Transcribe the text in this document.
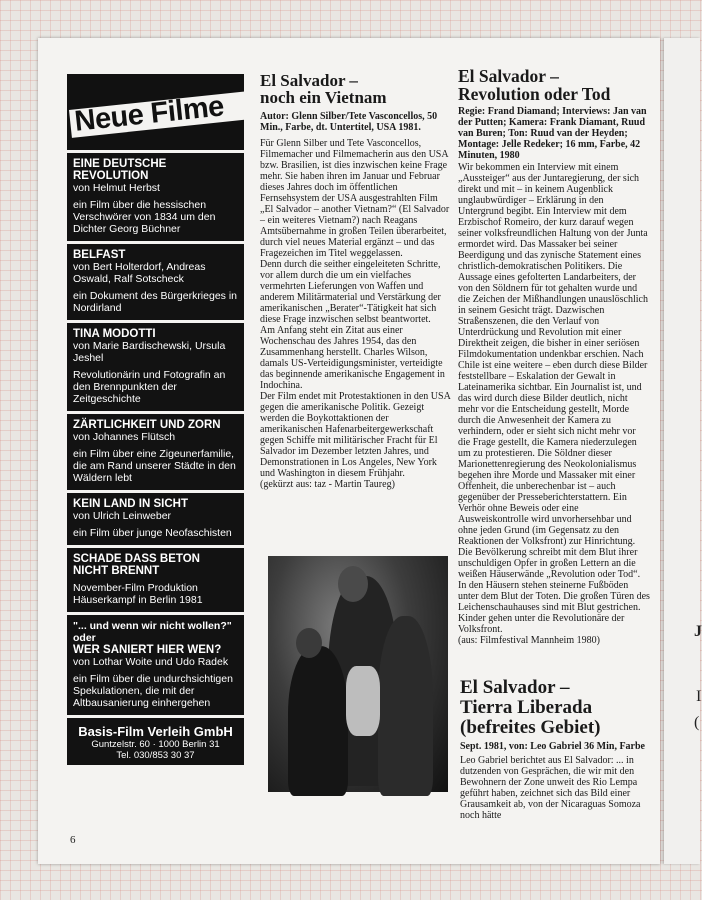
J
I
(
Neue Filme
EINE DEUTSCHE REVOLUTION
von Helmut Herbst
ein Film über die hessischen Verschwörer von 1834 um den Dichter Georg Büchner
BELFAST
von Bert Holterdorf, Andreas Oswald, Ralf Sotscheck
ein Dokument des Bürgerkrieges in Nordirland
TINA MODOTTI
von Marie Bardischewski, Ursula Jeshel
Revolutionärin und Fotografin an den Brennpunkten der Zeitgeschichte
ZÄRTLICHKEIT UND ZORN
von Johannes Flütsch
ein Film über eine Zigeunerfamilie, die am Rand unserer Städte in den Wäldern lebt
KEIN LAND IN SICHT
von Ulrich Leinweber
ein Film über junge Neofaschisten
SCHADE DASS BETON NICHT BRENNT
November-Film Produktion Häuserkampf in Berlin 1981
"... und wenn wir nicht wollen?" oder
WER SANIERT HIER WEN?
von Lothar Woite und Udo Radek
ein Film über die undurchsichtigen Spekulationen, die mit der Altbausanierung einhergehen
Basis-Film Verleih GmbH
Guntzelstr. 60 · 1000 Berlin 31
Tel. 030/853 30 37
6
El Salvador –
noch ein Vietnam
Autor: Glenn Silber/Tete Vasconcellos, 50 Min., Farbe, dt. Untertitel, USA 1981.

Für Glenn Silber und Tete Vasconcellos, Filmemacher und Filmemacherin aus den USA bzw. Brasilien, ist dies inzwischen keine Frage mehr. Sie haben ihren im Januar und Februar dieses Jahres doch im öffentlichen Fernsehsystem der USA ausgestrahlten Film „El Salvador – another Vietnam?“ (El Salvador – ein weiteres Vietnam?) nach Reagans Amtsübernahme in großen Teilen überarbeitet, durch viel neues Material ergänzt – und das Fragezeichen im Titel weggelassen.

Denn durch die seither eingeleiteten Schritte, vor allem durch die um ein vielfaches vermehrten Lieferungen von Waffen und anderem Militärmaterial und Verstärkung der amerikanischen „Berater“-Tätigkeit hat sich diese Frage inzwischen selbst beantwortet.

Am Anfang steht ein Zitat aus einer Wochenschau des Jahres 1954, das den Zusammenhang herstellt. Charles Wilson, damals US-Verteidigungsminister, verteidigte das beginnende amerikanische Engagement in Indochina.

Der Film endet mit Protestaktionen in den USA gegen die amerikanische Politik. Gezeigt werden die Boykottaktionen der amerikanischen Hafenarbeitergewerkschaft gegen Schiffe mit militärischer Fracht für El Salvador im Dezember letzten Jahres, und Demonstrationen in Los Angeles, New York und Washington in diesem Frühjahr.

(gekürzt aus: taz - Martin Taureg)

El Salvador –
Revolution oder Tod
Regie: Frand Diamand; Interviews: Jan van der Putten; Kamera: Frank Diamant, Ruud van Buren; Ton: Ruud van der Heyden; Montage: Jelle Redeker; 16 mm, Farbe, 42 Minuten, 1980

Wir bekommen ein Interview mit einem „Aussteiger“ aus der Juntaregierung, der sich direkt und mit – in keinem Augenblick unglaubwürdiger – Erklärung in den Untergrund begibt. Ein Interview mit dem Erzbischof Romeiro, der kurz darauf wegen seiner volksfreundlichen Haltung von der Junta ermordet wird. Das Massaker bei seiner Beerdigung und das zynische Statement eines christlich-demokratischen Politikers. Die Aussage eines gefolterten Landarbeiters, der von den Söldnern für tot gehalten wurde und die Zeichen der Mißhandlungen unauslöschlich in seinem Gesicht trägt. Dazwischen Straßenszenen, die den Verlauf von Unterdrückung und Revolution mit einer Direktheit zeigen, die bisher in einer seriösen Filmdokumentation undenkbar erschien. Nach Chile ist eine weitere – eben durch diese Bilder feststellbare – Eskalation der Gewalt in Lateinamerika sichtbar. Ein Journalist ist, und das wird durch diese Bilder deutlich, nicht mehr vor die Entscheidung gestellt, Morde durch die Anwesenheit der Kamera zu verhindern, oder er sieht sich nicht mehr vor die Frage gestellt, die Kamera niederzulegen um zu protestieren. Die Söldner dieser Marionettenregierung des Neokolonialismus begehen ihre Morde und Massaker mit einer Offenheit, die unberechenbar ist – auch gegenüber der Presseberichterstattern. Ein Verhör ohne Beweis oder eine Ausweiskontrolle wird unvorhersehbar und ohne jeden Grund (im Gegensatz zu den Reaktionen der Volksfront) zur Hinrichtung. Die Bevölkerung schreibt mit dem Blut ihrer unschuldigen Opfer in großen Lettern an die weißen Häuserwände „Revolution oder Tod“. In den Häusern stehen steinerne Fußböden unter dem Blut der Toten. Die großen Türen des Leichenschauhauses sind mit Blut gestrichen. Kinder gehen unter die Revolutionäre der Volksfront.

(aus: Filmfestival Mannheim 1980)

El Salvador –
Tierra Liberada
(befreites Gebiet)
Sept. 1981, von: Leo Gabriel 36 Min, Farbe

Leo Gabriel berichtet aus El Salvador: ... in dutzenden von Gesprächen, die wir mit den Bewohnern der Zone unweit des Rio Lempa geführt haben, zeichnet sich das Bild einer Grausamkeit ab, von der Nicaraguas Somoza noch hätte
